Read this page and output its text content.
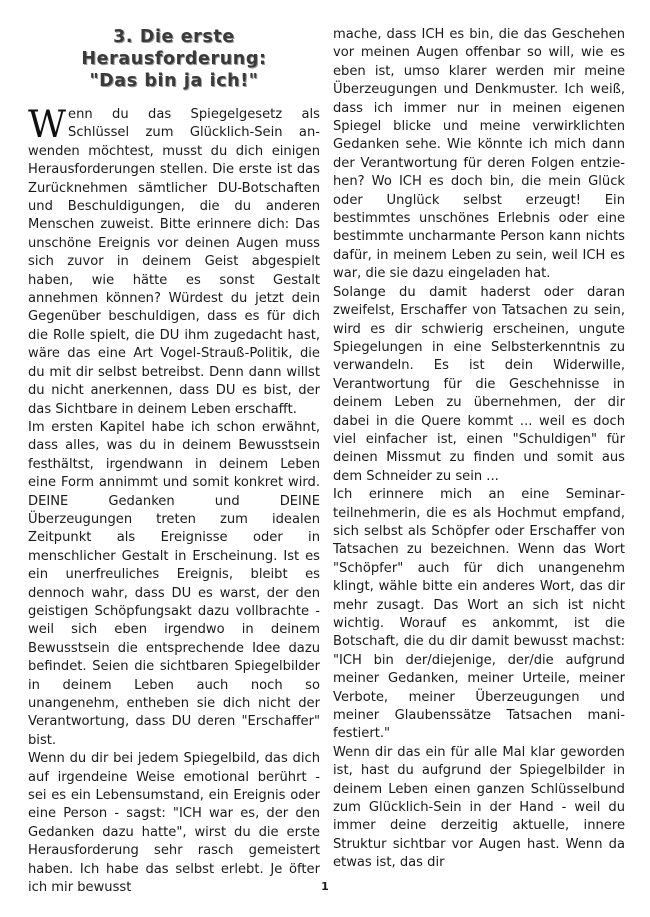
3. Die erste
Herausforderung:
"Das bin ja ich!"

Wenn du das Spiegelgesetz als Schlüssel zum Glücklich-Sein anwenden möchtest, musst du dich einigen Herausforderungen stellen. Die erste ist das Zurücknehmen sämtlicher DU-Botschaften und Beschuldigungen, die du anderen Menschen zuweist. Bitte erinnere dich: Das unschöne Ereignis vor deinen Augen muss sich zuvor in deinem Geist abgespielt haben, wie hätte es sonst Gestalt annehmen können? Würdest du jetzt dein Gegenüber beschuldigen, dass es für dich die Rolle spielt, die DU ihm zugedacht hast, wäre das eine Art Vogel-Strauß-Politik, die du mit dir selbst betreibst. Denn dann willst du nicht anerkennen, dass DU es bist, der das Sichtbare in deinem Leben erschafft.

Im ersten Kapitel habe ich schon erwähnt, dass alles, was du in deinem Bewusstsein festhältst, irgendwann in deinem Leben eine Form annimmt und somit konkret wird. DEINE Gedanken und DEINE Überzeugungen treten zum idealen Zeitpunkt als Ereignisse oder in menschlicher Gestalt in Erscheinung. Ist es ein unerfreuliches Ereignis, bleibt es dennoch wahr, dass DU es warst, der den geistigen Schöpfungsakt dazu vollbrachte - weil sich eben irgendwo in deinem Bewusstsein die entsprechende Idee dazu befindet. Seien die sichtbaren Spiegelbilder in deinem Leben auch noch so unangenehm, entheben sie dich nicht der Verantwortung, dass DU deren "Erschaffer" bist.

Wenn du dir bei jedem Spiegelbild, das dich auf irgendeine Weise emotional berührt - sei es ein Lebensumstand, ein Ereignis oder eine Person - sagst: "ICH war es, der den Gedanken dazu hatte", wirst du die erste Herausforderung sehr rasch gemeistert haben. Ich habe das selbst erlebt. Je öfter ich mir bewusst

mache, dass ICH es bin, die das Geschehen vor meinen Augen offenbar so will, wie es eben ist, umso klarer werden mir meine Überzeugungen und Denkmuster. Ich weiß, dass ich immer nur in meinen eigenen Spiegel blicke und meine verwirklichten Gedanken sehe. Wie könnte ich mich dann der Verantwortung für deren Folgen entziehen? Wo ICH es doch bin, die mein Glück oder Unglück selbst erzeugt! Ein bestimmtes unschönes Erlebnis oder eine bestimmte uncharmante Person kann nichts dafür, in meinem Leben zu sein, weil ICH es war, die sie dazu eingeladen hat.

Solange du damit haderst oder daran zweifelst, Erschaffer von Tatsachen zu sein, wird es dir schwierig erscheinen, ungute Spiegelungen in eine Selbsterkenntnis zu verwandeln. Es ist dein Widerwille, Verantwortung für die Geschehnisse in deinem Leben zu übernehmen, der dir dabei in die Quere kommt ... weil es doch viel einfacher ist, einen "Schuldigen" für deinen Missmut zu finden und somit aus dem Schneider zu sein ...

Ich erinnere mich an eine Seminarteilnehmerin, die es als Hochmut empfand, sich selbst als Schöpfer oder Erschaffer von Tatsachen zu bezeichnen. Wenn das Wort "Schöpfer" auch für dich unangenehm klingt, wähle bitte ein anderes Wort, das dir mehr zusagt. Das Wort an sich ist nicht wichtig. Worauf es ankommt, ist die Botschaft, die du dir damit bewusst machst: "ICH bin der/diejenige, der/die aufgrund meiner Gedanken, meiner Urteile, meiner Verbote, meiner Überzeugungen und meiner Glaubenssätze Tatsachen manifestiert."

Wenn dir das ein für alle Mal klar geworden ist, hast du aufgrund der Spiegelbilder in deinem Leben einen ganzen Schlüsselbund zum Glücklich-Sein in der Hand - weil du immer deine derzeitig aktuelle, innere Struktur sichtbar vor Augen hast. Wenn da etwas ist, das dir

1
